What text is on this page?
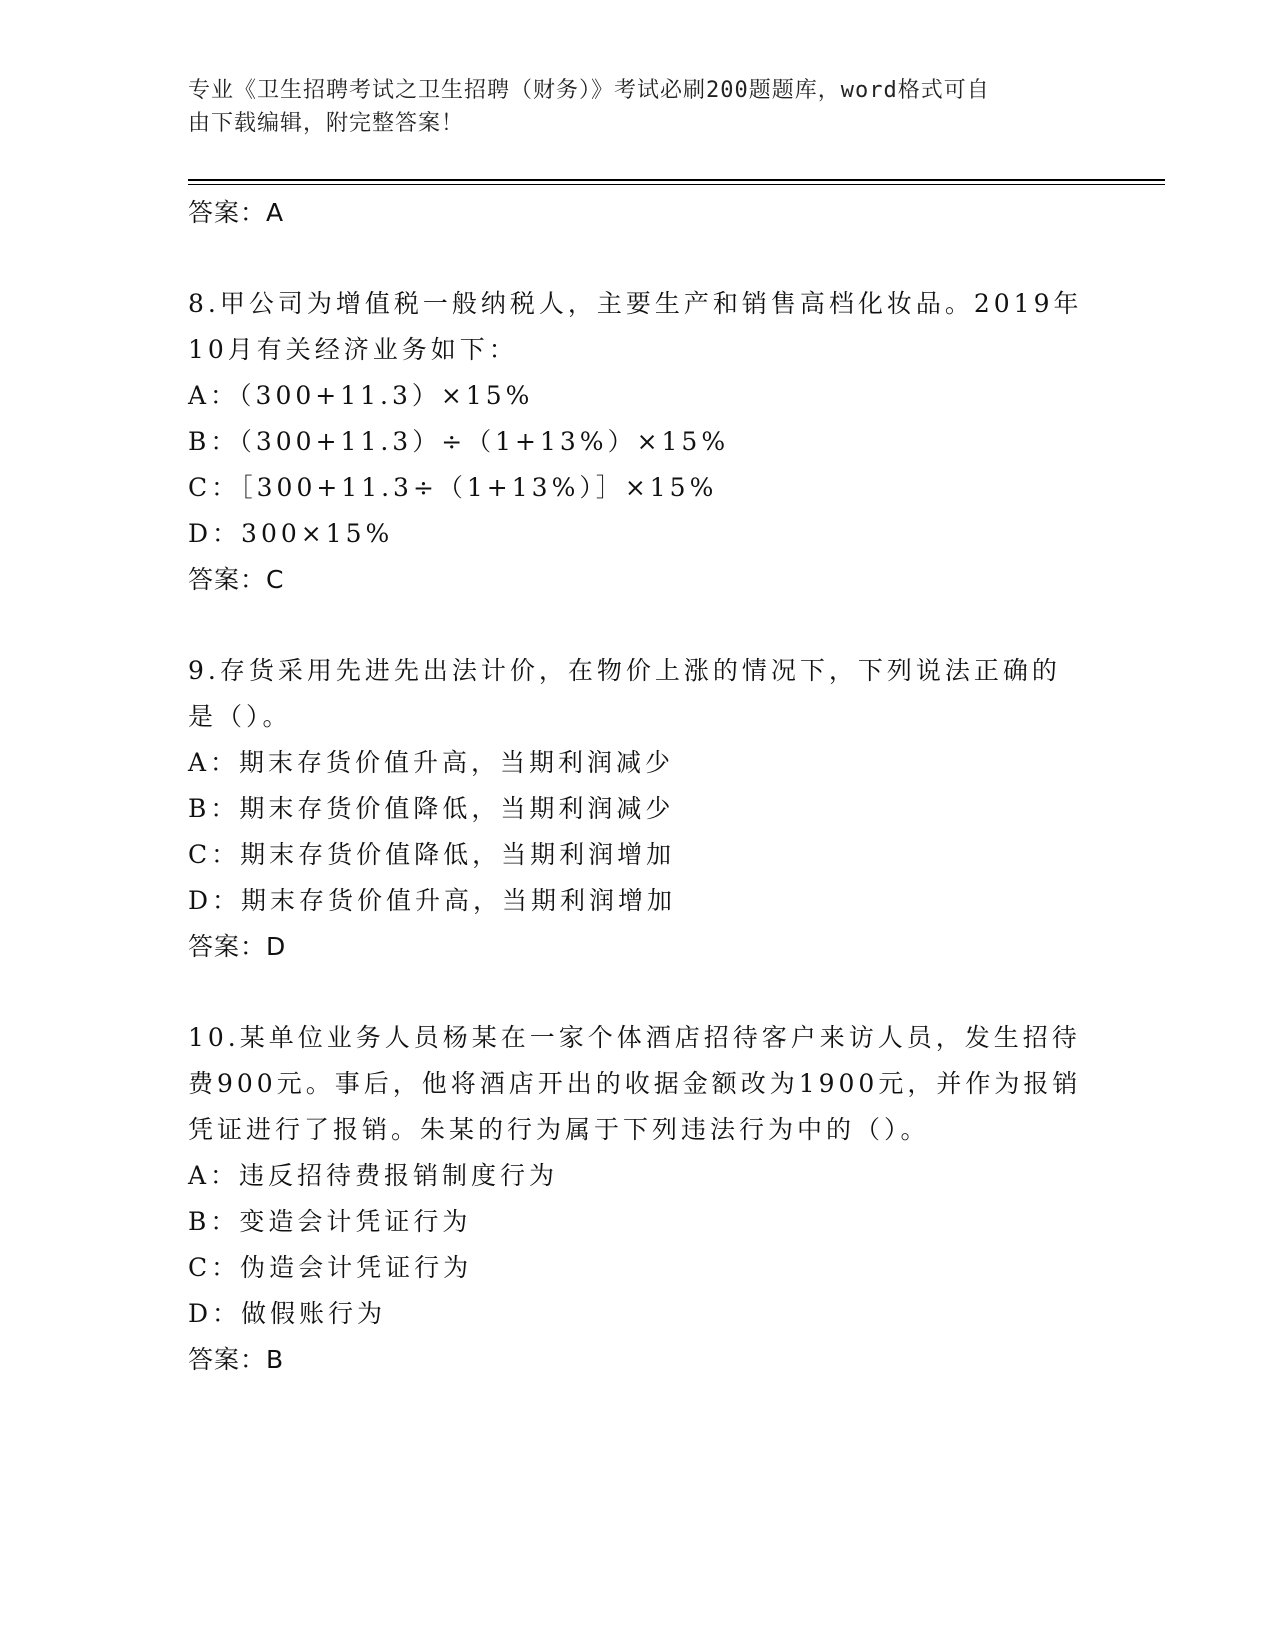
专业《卫生招聘考试之卫生招聘（财务）》考试必刷200题题库，word格式可自
由下载编辑，附完整答案！
答案：A

8.甲公司为增值税一般纳税人，主要生产和销售高档化妆品。2019年

10月有关经济业务如下：

A：（300+11.3）×15%

B：（300+11.3）÷（1+13%）×15%

C：［300+11.3÷（1+13%）］×15%

D：300×15%

答案：C

9.存货采用先进先出法计价，在物价上涨的情况下，下列说法正确的

是（）。

A：期末存货价值升高，当期利润减少

B：期末存货价值降低，当期利润减少

C：期末存货价值降低，当期利润增加

D：期末存货价值升高，当期利润增加

答案：D

10.某单位业务人员杨某在一家个体酒店招待客户来访人员，发生招待

费900元。事后，他将酒店开出的收据金额改为1900元，并作为报销

凭证进行了报销。朱某的行为属于下列违法行为中的（）。

A：违反招待费报销制度行为

B：变造会计凭证行为

C：伪造会计凭证行为

D：做假账行为

答案：B
